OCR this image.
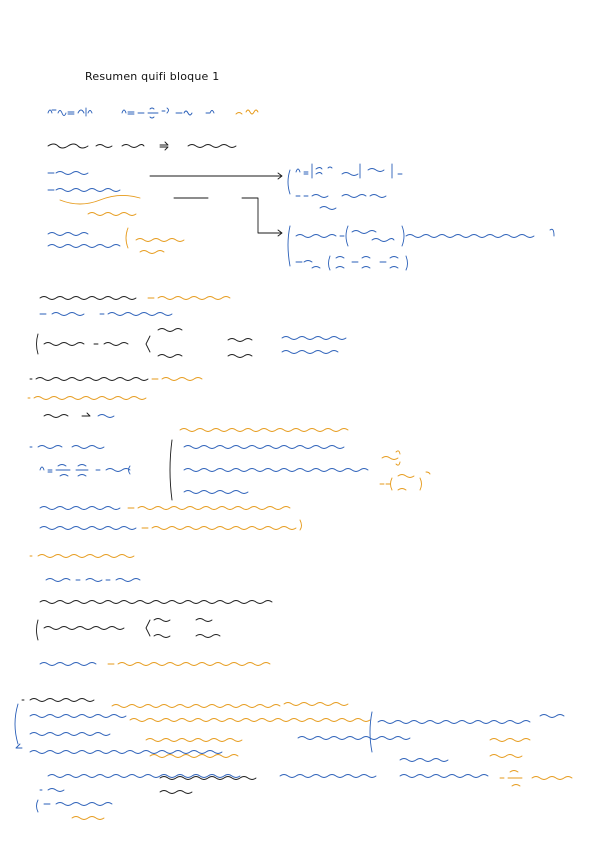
Resumen quifi bloque 1
